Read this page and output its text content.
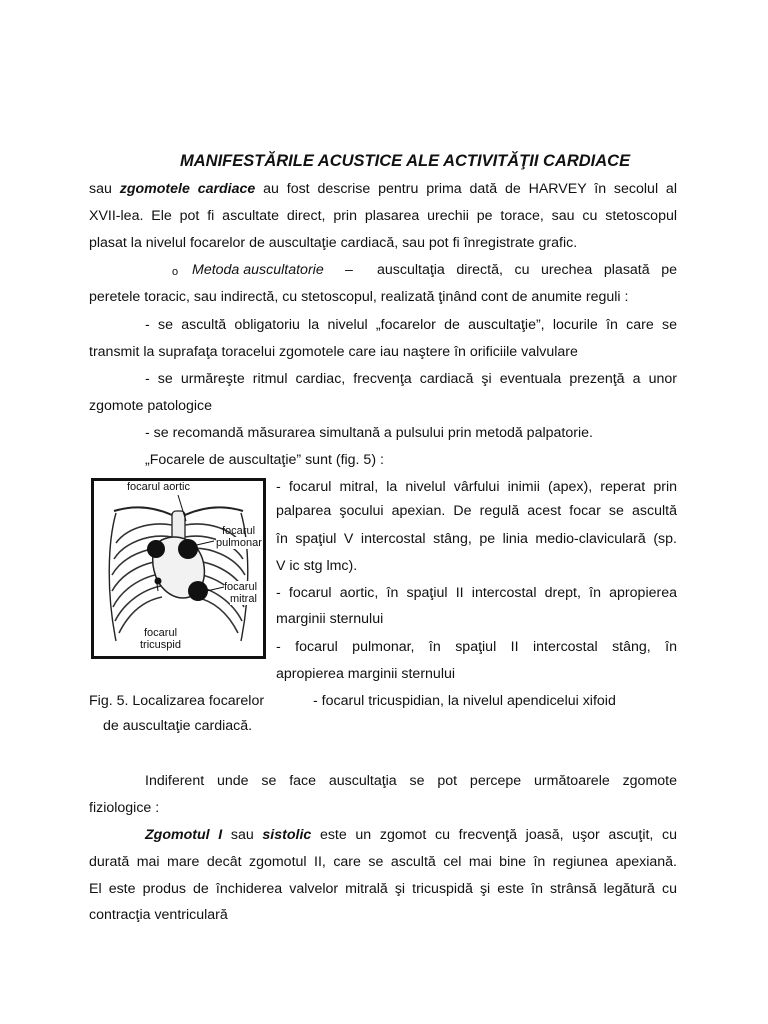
MANIFESTĂRILE ACUSTICE ALE ACTIVITĂŢII CARDIACE
sau zgomotele cardiace au fost descrise pentru prima dată de HARVEY în secolul al
XVII-lea. Ele pot fi ascultate direct, prin plasarea urechii pe torace, sau cu stetoscopul
plasat la nivelul focarelor de auscultaţie cardiacă, sau pot fi înregistrate grafic.
o Metoda auscultatorie – auscultaţia directă, cu urechea plasată pe
peretele toracic, sau indirectă, cu stetoscopul, realizată ţinând cont de anumite reguli :
- se ascultă obligatoriu la nivelul „focarelor de auscultaţie”, locurile în care se
transmit la suprafaţa toracelui zgomotele care iau naştere în orificiile valvulare
- se urmăreşte ritmul cardiac, frecvenţa cardiacă şi eventuala prezenţă a unor
zgomote patologice
- se recomandă măsurarea simultană a pulsului prin metodă palpatorie.
„Focarele de auscultaţie” sunt (fig. 5) :
focarul aortic
focarul
pulmonar
focarul
mitral
focarul
tricuspid
- focarul mitral, la nivelul vârfului inimii (apex), reperat prin
palparea şocului apexian. De regulă acest focar se ascultă
în spaţiul V intercostal stâng, pe linia medio-claviculară (sp.
V ic stg lmc).
- focarul aortic, în spaţiul II intercostal drept, în apropierea
marginii sternului
- focarul pulmonar, în spaţiul II intercostal stâng, în
apropierea marginii sternului
Fig. 5. Localizarea focarelor	- focarul tricuspidian, la nivelul apendicelui xifoid
de auscultaţie cardiacă.
Indiferent unde se face auscultaţia se pot percepe următoarele zgomote
fiziologice :
Zgomotul I sau sistolic este un zgomot cu frecvenţă joasă, uşor ascuţit, cu
durată mai mare decât zgomotul II, care se ascultă cel mai bine în regiunea apexiană.
El este produs de închiderea valvelor mitrală şi tricuspidă şi este în strânsă legătură cu
contracţia ventriculară
